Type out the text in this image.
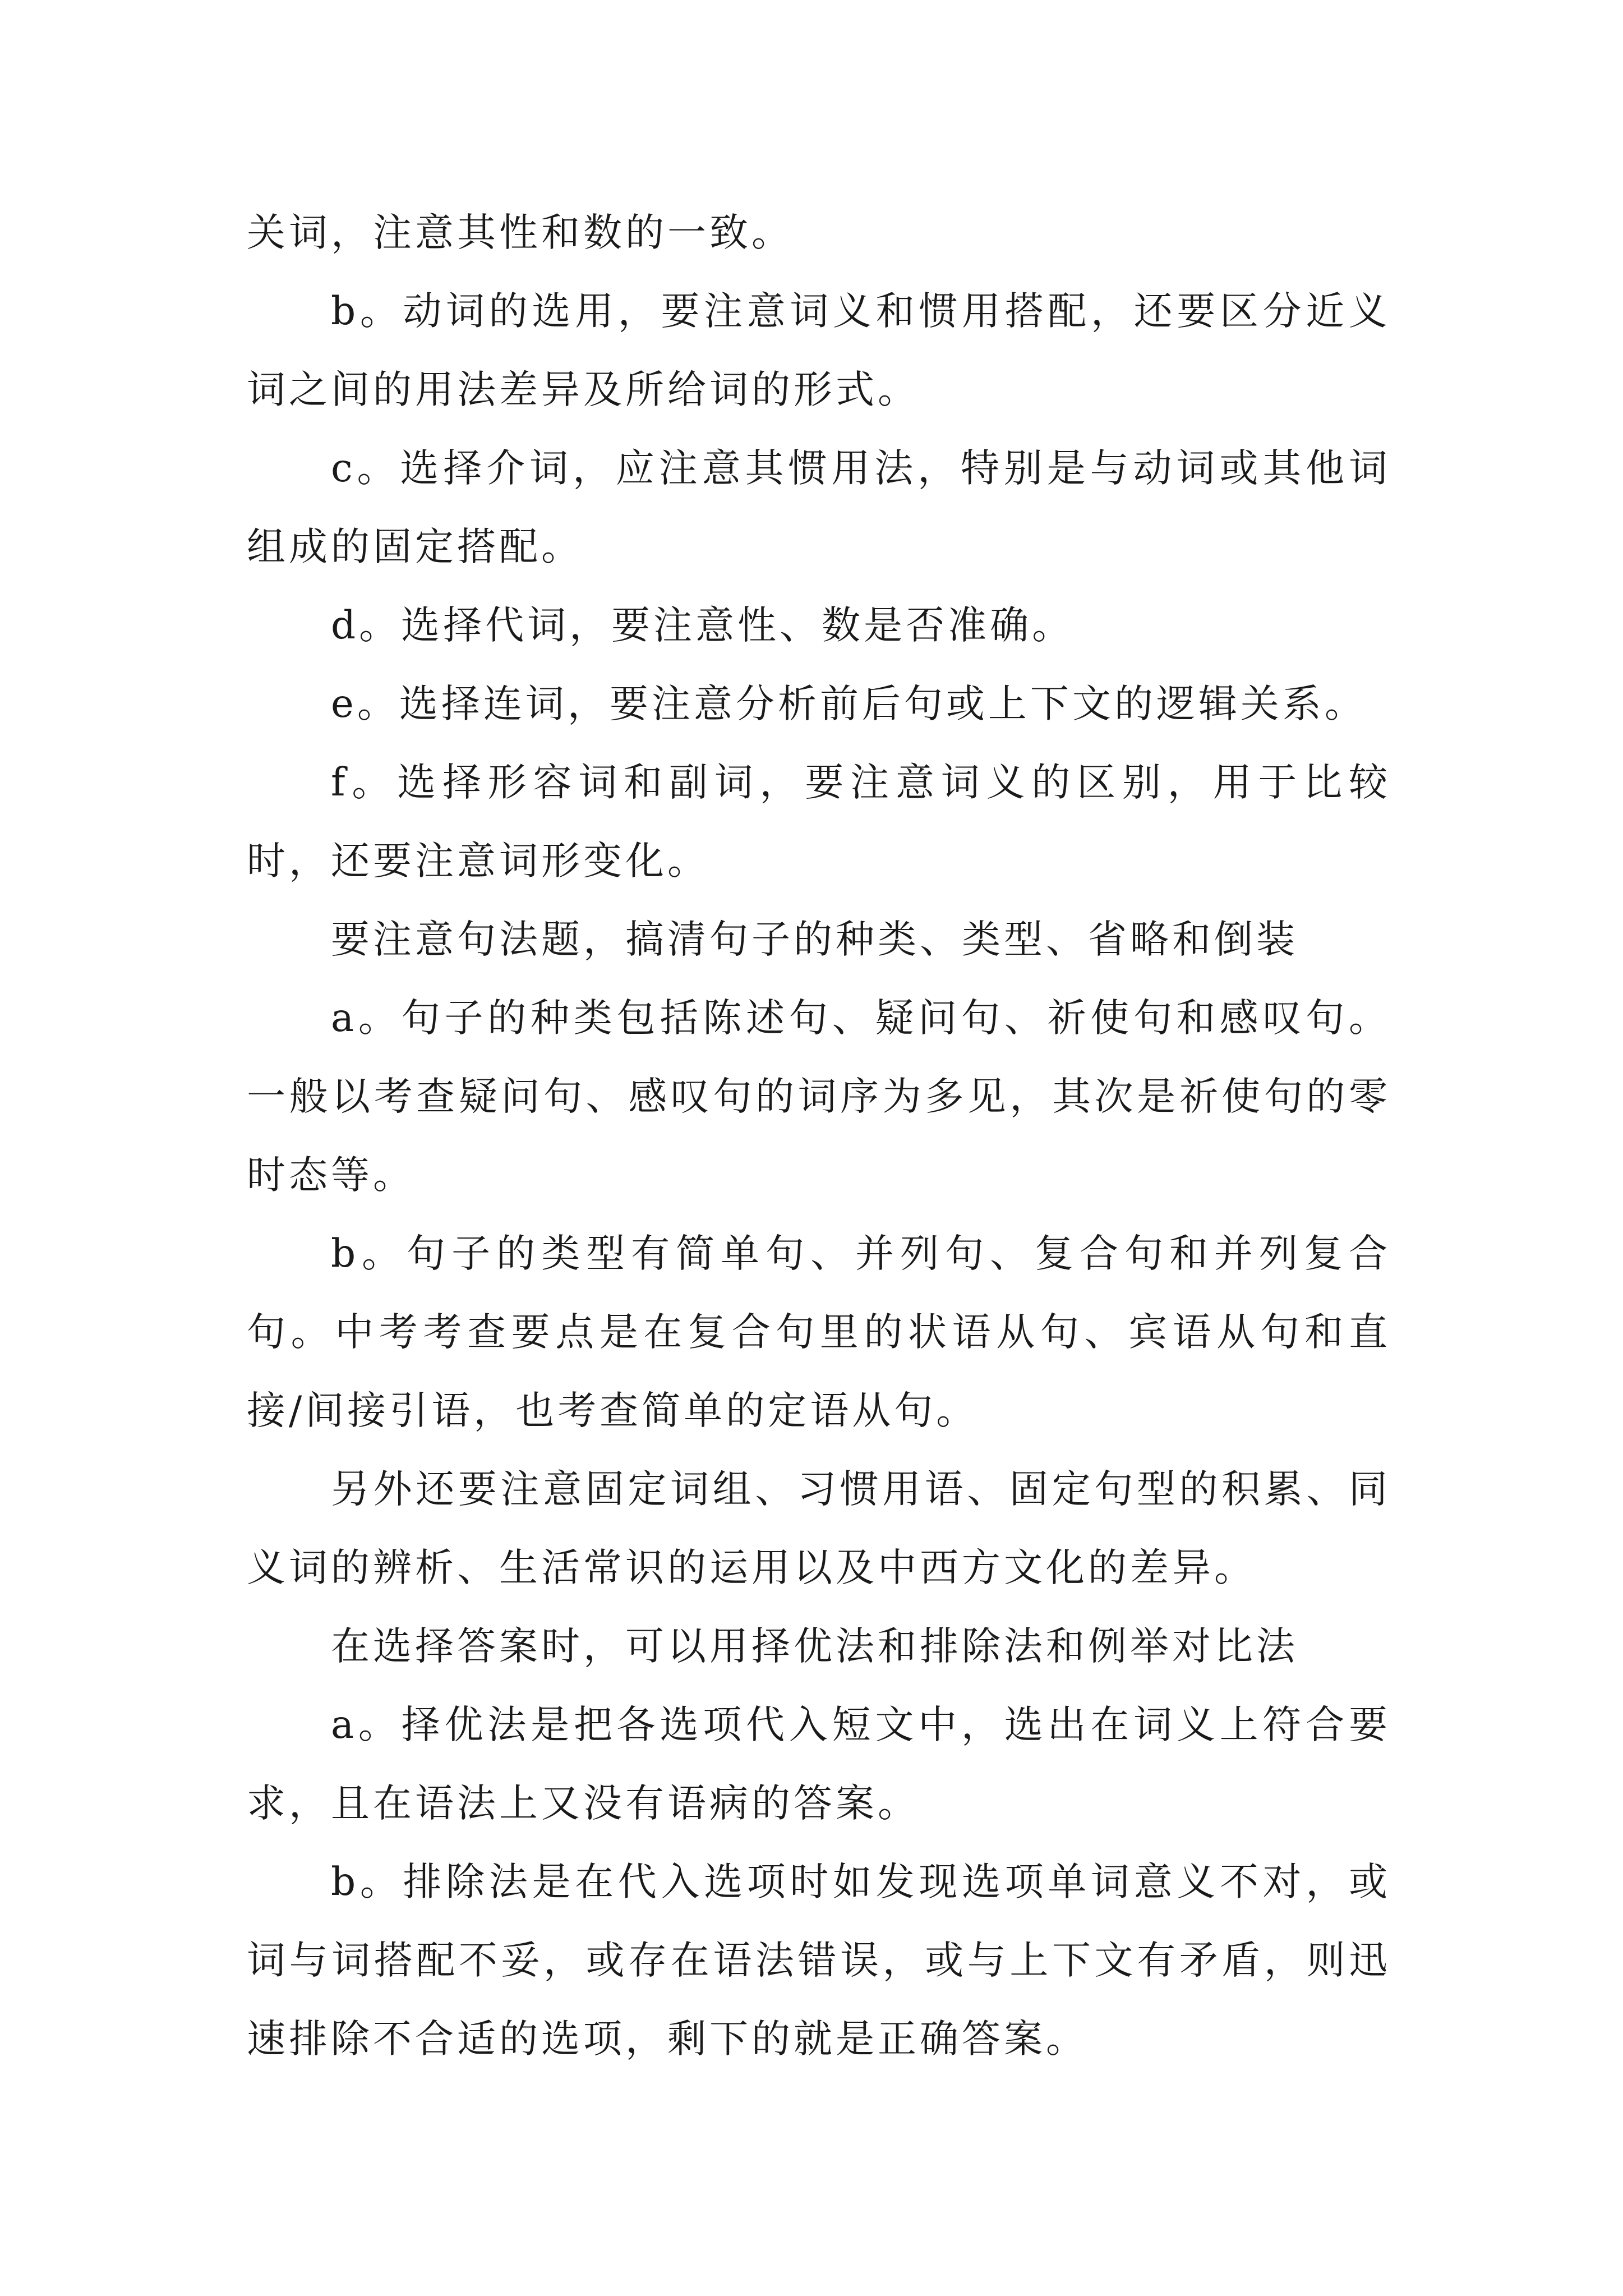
关词，注意其性和数的一致。

b。动词的选用，要注意词义和惯用搭配，还要区分近义词之间的用法差异及所给词的形式。

c。选择介词，应注意其惯用法，特别是与动词或其他词组成的固定搭配。

d。选择代词，要注意性、数是否准确。

e。选择连词，要注意分析前后句或上下文的逻辑关系。

f。选择形容词和副词，要注意词义的区别，用于比较时，还要注意词形变化。

要注意句法题，搞清句子的种类、类型、省略和倒装

a。句子的种类包括陈述句、疑问句、祈使句和感叹句。一般以考查疑问句、感叹句的词序为多见，其次是祈使句的零时态等。

b。句子的类型有简单句、并列句、复合句和并列复合句。中考考查要点是在复合句里的状语从句、宾语从句和直接/间接引语，也考查简单的定语从句。

另外还要注意固定词组、习惯用语、固定句型的积累、同义词的辨析、生活常识的运用以及中西方文化的差异。

在选择答案时，可以用择优法和排除法和例举对比法

a。择优法是把各选项代入短文中，选出在词义上符合要求，且在语法上又没有语病的答案。

b。排除法是在代入选项时如发现选项单词意义不对，或词与词搭配不妥，或存在语法错误，或与上下文有矛盾，则迅速排除不合适的选项，剩下的就是正确答案。
